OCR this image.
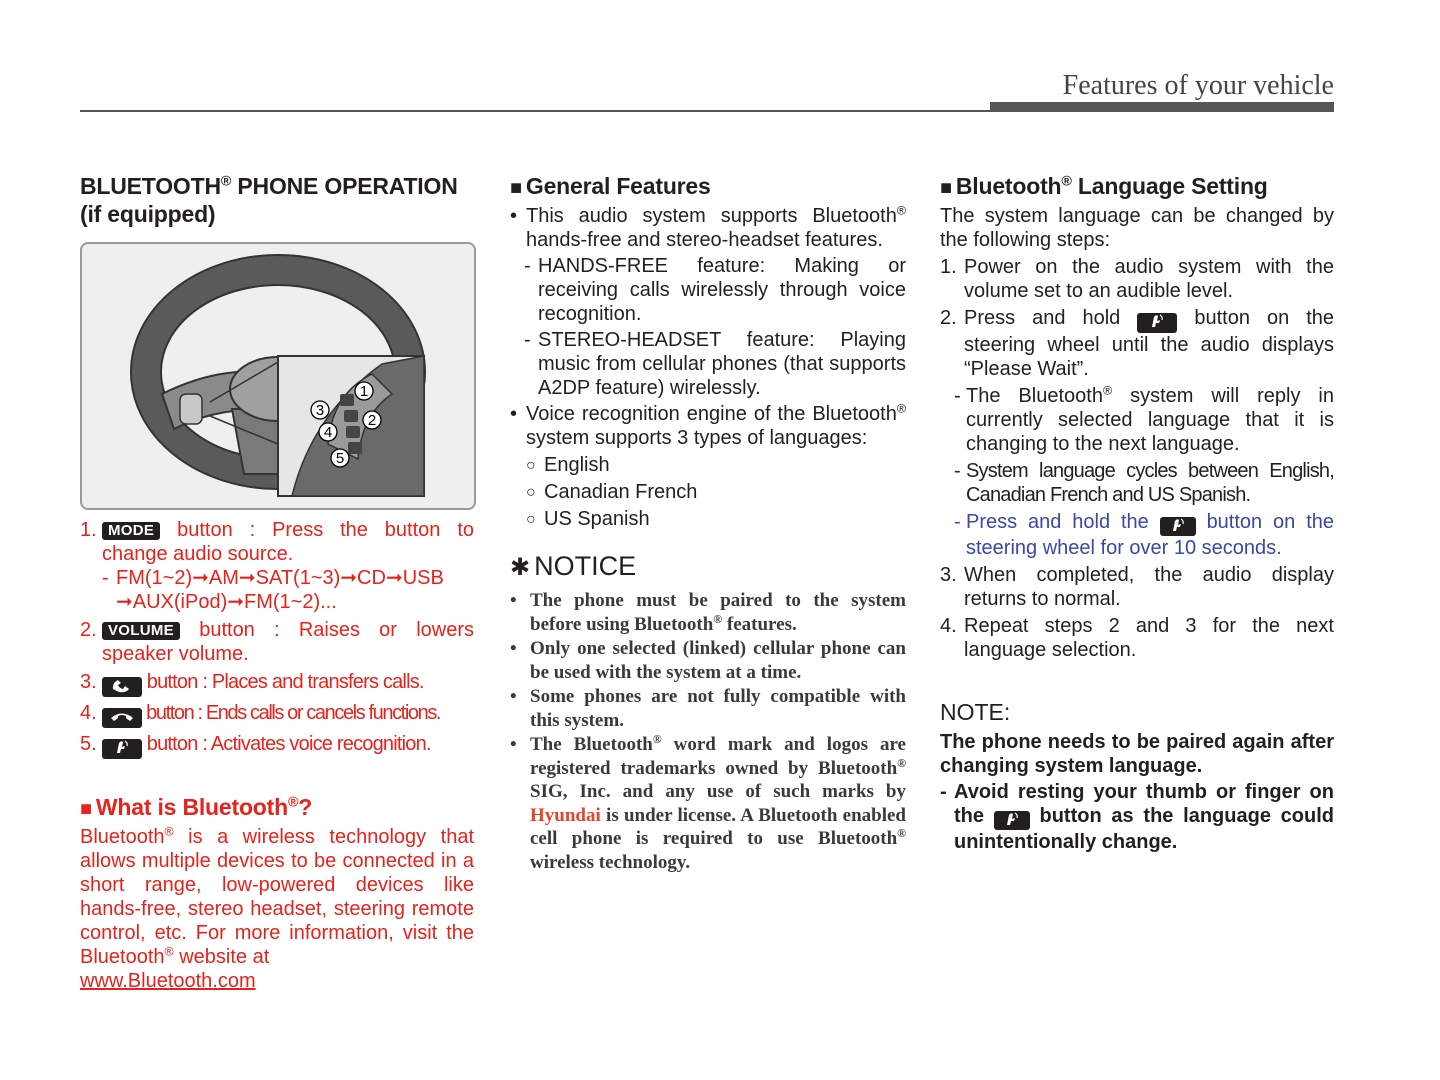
Features of your vehicle
BLUETOOTH® PHONE OPERATION
(if equipped)
1
2
3
4
5
1. MODE button : Press the button to change audio source.
- FM(1~2)➞AM➞SAT(1~3)➞CD➞USB
➞AUX(iPod)➞FM(1~2)...
2. VOLUME button : Raises or lowers speaker volume.
3.	button : Places and transfers calls.
4.	button : Ends calls or cancels functions.
5.	button : Activates voice recognition.
■ What is Bluetooth®?

Bluetooth® is a wireless technology that allows multiple devices to be connected in a short range, low-powered devices like hands-free, stereo headset, steering remote control, etc. For more information, visit the Bluetooth® website at
www.Bluetooth.com

■ General Features
• This audio system supports Bluetooth® hands-free and stereo-headset features.
- HANDS-FREE feature: Making or receiving calls wirelessly through voice recognition.
- STEREO-HEADSET feature: Playing music from cellular phones (that supports A2DP feature) wirelessly.
• Voice recognition engine of the Bluetooth® system supports 3 types of languages:
○ English
○ Canadian French
○ US Spanish
✱ NOTICE
• The phone must be paired to the system before using Bluetooth® features.
• Only one selected (linked) cellular phone can be used with the system at a time.
• Some phones are not fully compatible with this system.
• The Bluetooth® word mark and logos are registered trademarks owned by Bluetooth® SIG, Inc. and any use of such marks by Hyundai is under license. A Bluetooth enabled cell phone is required to use Bluetooth® wireless technology.
■ Bluetooth® Language Setting

The system language can be changed by the following steps:

1. Power on the audio system with the volume set to an audible level.
2. Press and hold	button on the steering wheel until the audio displays “Please Wait”.
- The Bluetooth® system will reply in currently selected language that it is changing to the next language.
- System language cycles between English, Canadian French and US Spanish.
- Press and hold the	button on the steering wheel for over 10 seconds.
3. When completed, the audio display returns to normal.
4. Repeat steps 2 and 3 for the next language selection.
NOTE:

The phone needs to be paired again after changing system language.

- Avoid resting your thumb or finger on the	button as the language could unintentionally change.
